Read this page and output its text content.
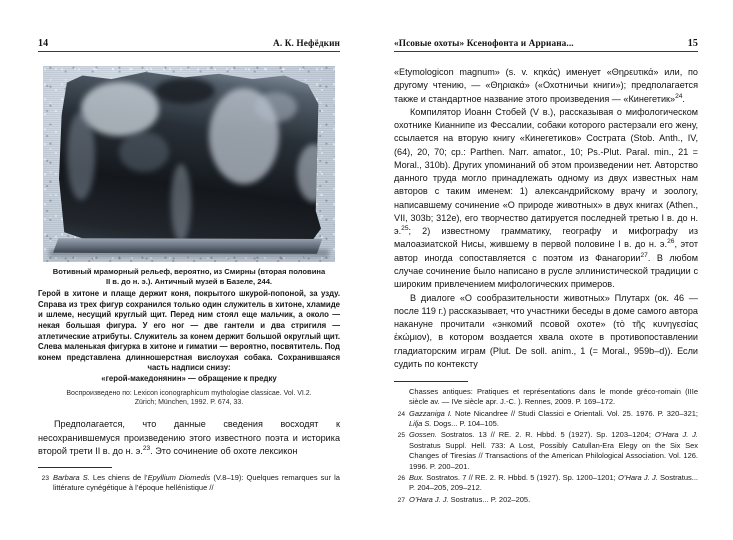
14	А. К. Нефёдкин
Вотивный мраморный рельеф, вероятно, из Смирны (вторая половина
II в. до н. э.). Античный музей в Базеле, 244.
Герой в хитоне и плаще держит коня, покрытого шкурой-попоной, за узду. Справа из трех фигур сохранился только один служитель в хитоне, хламиде и шлеме, несущий круглый щит. Перед ним стоял еще мальчик, а около — некая большая фигура. У его ног — две гантели и два стригиля — атлетические атрибуты. Служитель за конем держит большой округлый щит. Слева маленькая фигурка в хитоне и гиматии — вероятно, посвятитель. Под конем представлена длинношерстная вислоухая собака. Сохранившаяся часть надписи снизу:
«герой-македонянин» — обращение к предку
Воспроизведено по: Lexicon iconographicum mythologiae classicae. Vol. VI.2.
Zürich; München, 1992. P. 674, 33.

Предполагается, что данные сведения восходят к несохранившемуся произведению этого известного поэта и историка второй трети II в. до н. э.$^{23}$. Это сочинение об охоте лексикон

23 Barbara S. Les chiens de l’Epyllium Diomedis (V.8–19): Quelques remarques sur la littérature cynégétique à l’époque hellénistique //
«Псовые охоты» Ксенофонта и Арриана...	15

«Etymologicon magnum» (s. v. κηκάς) именует «Θηρευτικά» или, по другому чтению, — «Θηριακά» («Охотничьи книги»); предполагается также и стандартное название этого произведения — «Кинегетик»$^{24}$.

Компилятор Иоанн Стобей (V в.), рассказывая о мифологическом охотнике Кианнипе из Фессалии, собаки которого растерзали его жену, ссылается на вторую книгу «Кинегетиков» Сострата (Stob. Anth., IV, (64), 20, 70; ср.: Parthen. Narr. amator., 10; Ps.-Plut. Paral. min., 21 = Moral., 310b). Других упоминаний об этом произведении нет. Авторство данного труда могло принадлежать одному из двух известных нам авторов с таким именем: 1) александрийскому врачу и зоологу, написавшему сочинение «О природе животных» в двух книгах (Athen., VII, 303b; 312e), его творчество датируется последней третью I в. до н. э.$^{25}$; 2) известному грамматику, географу и мифографу из малоазиатской Нисы, жившему в первой половине I в. до н. э.$^{26}$, этот автор иногда сопоставляется с поэтом из Фанагории$^{27}$. В любом случае сочинение было написано в русле эллинистической традиции с широким привлечением мифологических примеров.

В диалоге «О сообразительности животных» Плутарх (ок. 46 — после 119 г.) рассказывает, что участники беседы в доме самого автора накануне прочитали «энкомий псовой охоте» (τὸ τῆς κυνηγεσίας ἐκώμιον), в котором воздается хвала охоте в противопоставлении гладиаторским играм (Plut. De soll. anim., 1 (= Moral., 959b–d)). Если судить по контексту

Chasses antiques: Pratiques et représentations dans le monde gréco-romain (IIIe siècle av. — IVe siècle apr. J.-C. ). Rennes, 2009. P. 169–172.
24 Gazzaniga I. Note Nicandree // Studi Classici e Orientali. Vol. 25. 1976. P. 320–321; Lilja S. Dogs... P. 104–105.
25 Gossen. Sostratos. 13 // RE. 2. R. Hbbd. 5 (1927). Sp. 1203–1204; O’Hara J. J. Sostratus Suppl. Hell. 733: A Lost, Possibly Catullan-Era Elegy on the Six Sex Changes of Tiresias // Transactions of the American Philological Association. Vol. 126. 1996. P. 200–201.
26 Bux. Sostratos. 7 // RE. 2. R. Hbbd. 5 (1927). Sp. 1200–1201; O’Hara J. J. Sostratus... P. 204–205, 209–212.
27 O’Hara J. J. Sostratus... P. 202–205.
